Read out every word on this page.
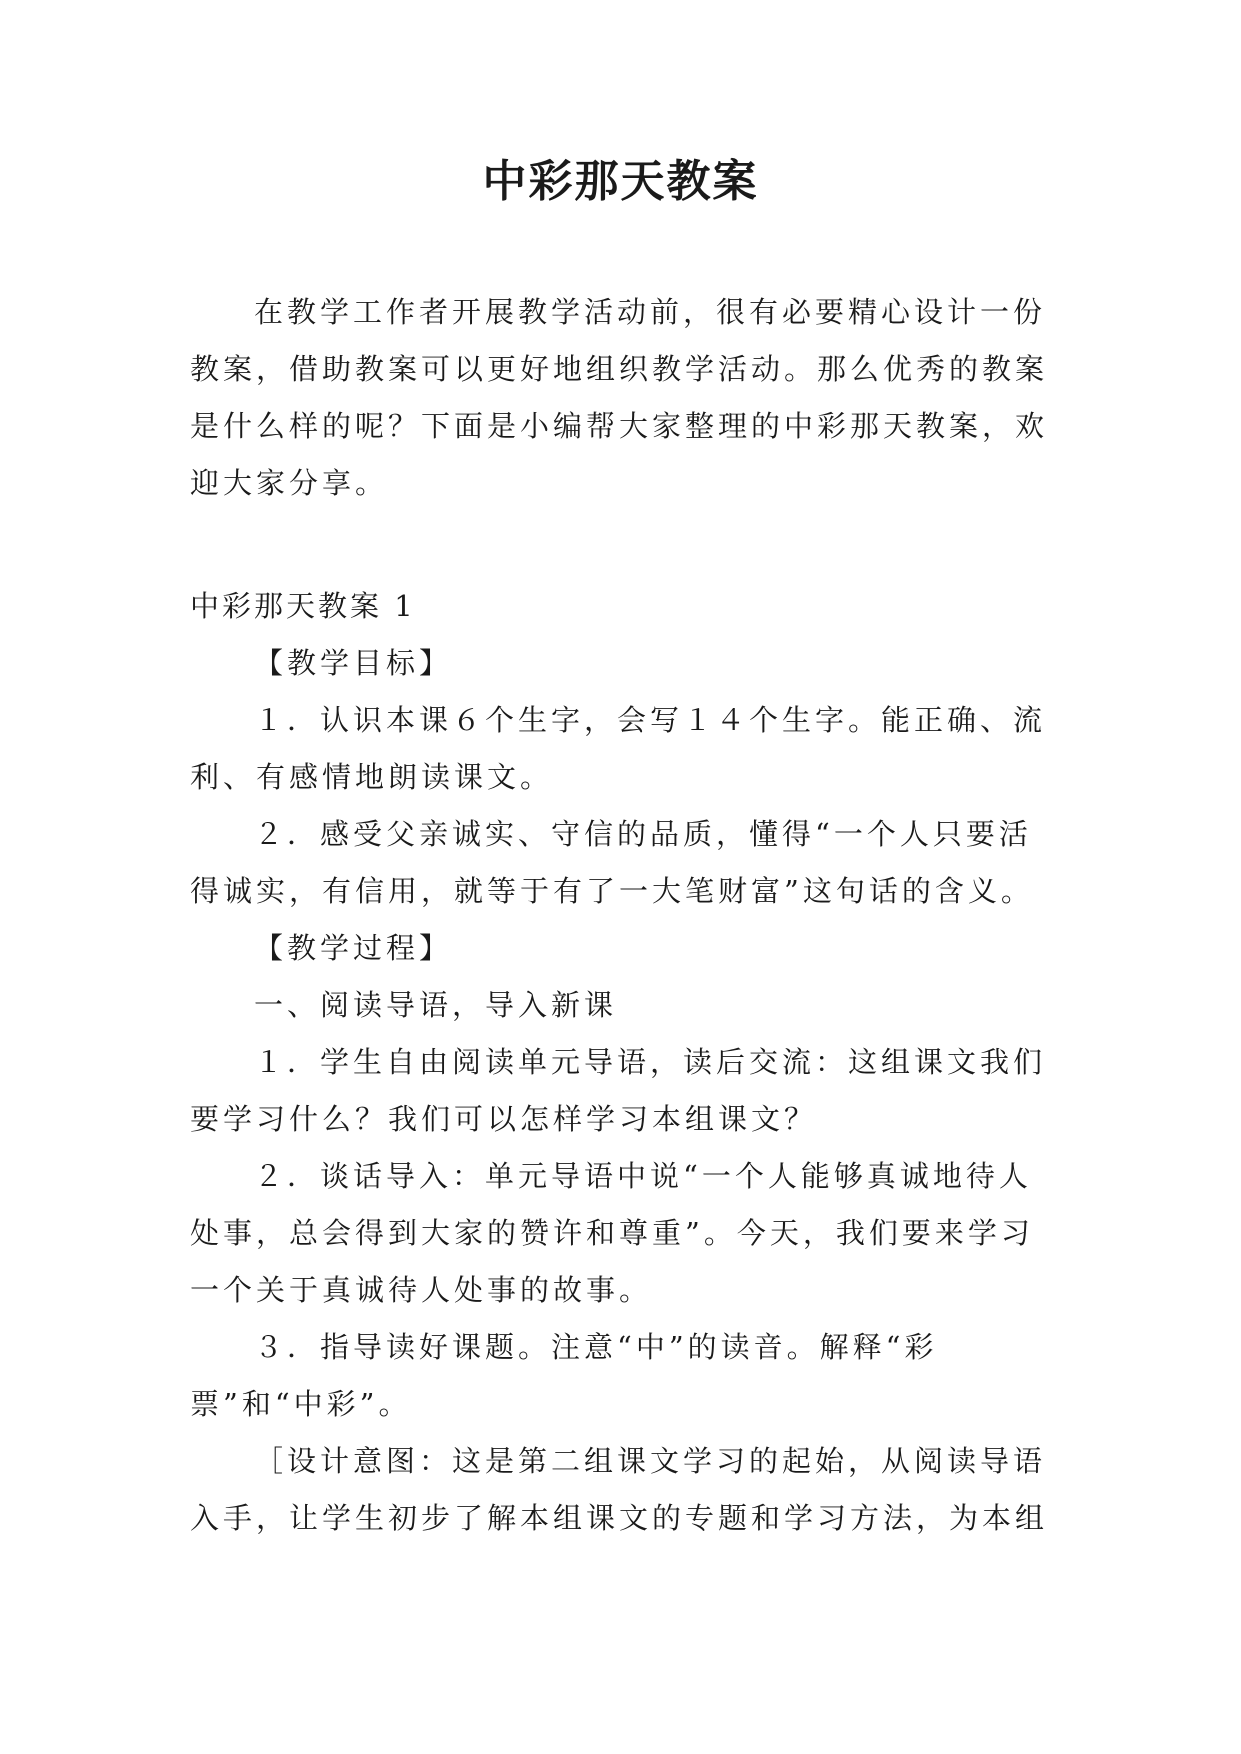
中彩那天教案

在教学工作者开展教学活动前，很有必要精心设计一份教案，借助教案可以更好地组织教学活动。那么优秀的教案是什么样的呢？下面是小编帮大家整理的中彩那天教案，欢迎大家分享。

中彩那天教案 1

【教学目标】

１．认识本课６个生字，会写１４个生字。能正确、流利、有感情地朗读课文。

２．感受父亲诚实、守信的品质，懂得“一个人只要活得诚实，有信用，就等于有了一大笔财富”这句话的含义。

【教学过程】

一、阅读导语，导入新课

１．学生自由阅读单元导语，读后交流：这组课文我们要学习什么？我们可以怎样学习本组课文？

２．谈话导入：单元导语中说“一个人能够真诚地待人处事，总会得到大家的赞许和尊重”。今天，我们要来学习一个关于真诚待人处事的故事。

３．指导读好课题。注意“中”的读音。解释“彩票”和“中彩”。

［设计意图：这是第二组课文学习的起始，从阅读导语入手，让学生初步了解本组课文的专题和学习方法，为本组
